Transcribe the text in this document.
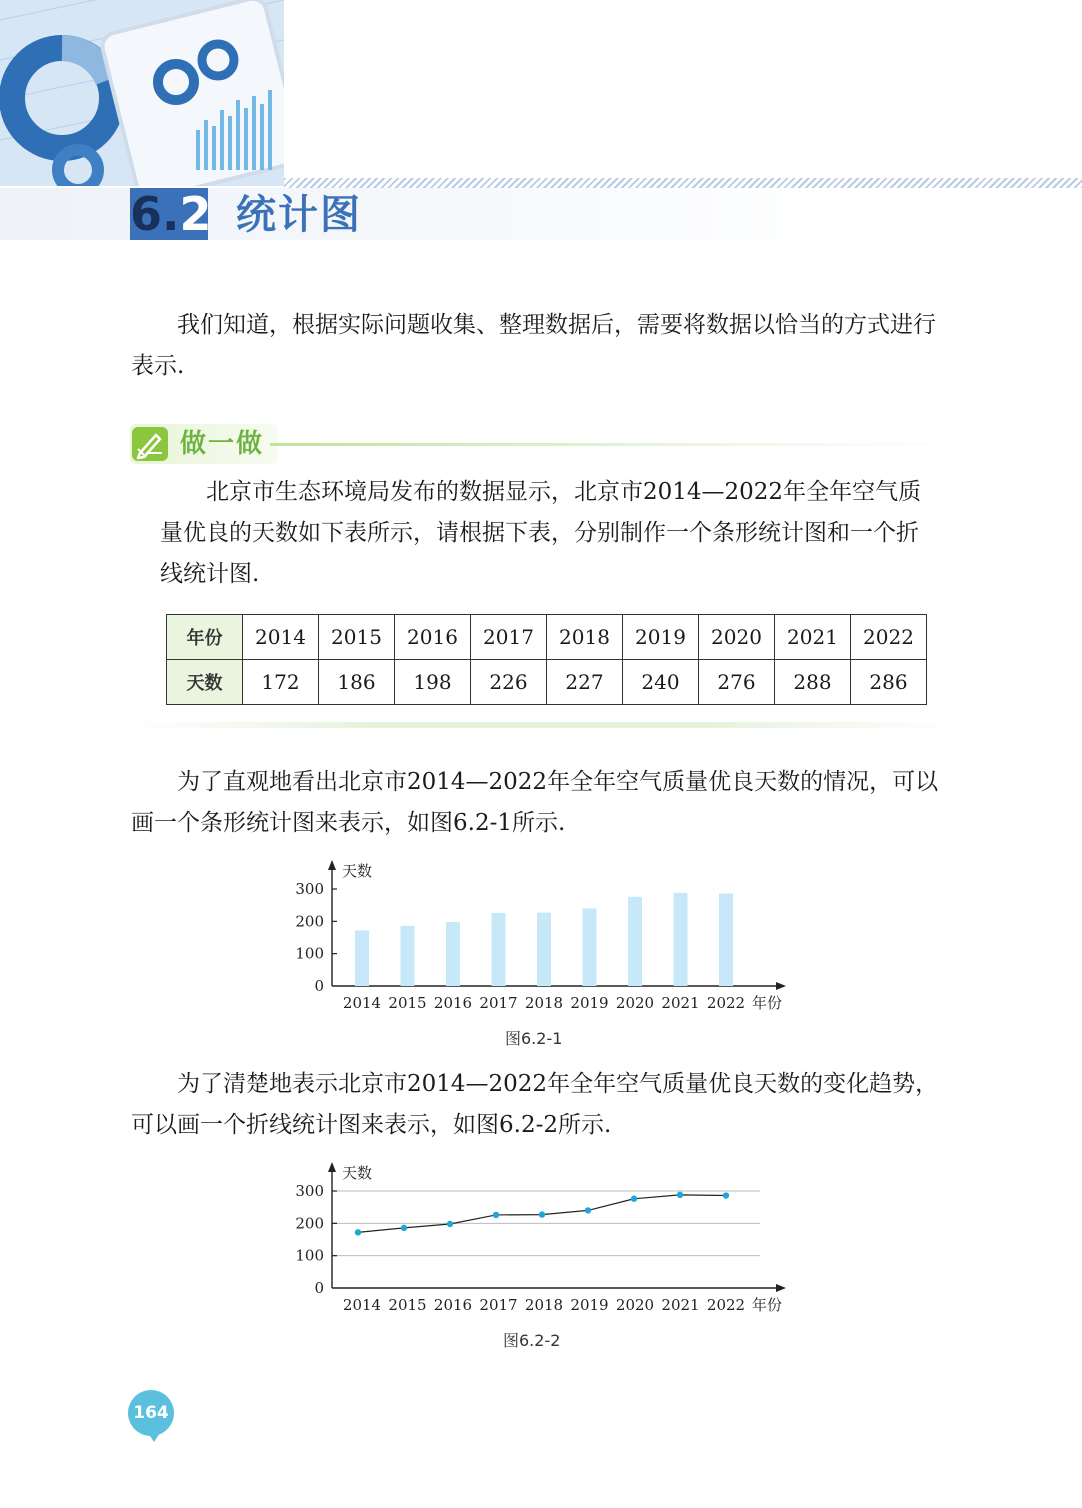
6.2 统计图

我们知道，根据实际问题收集、整理数据后，需要将数据以恰当的方式进行表示.

做一做

北京市生态环境局发布的数据显示，北京市2014—2022年全年空气质量优良的天数如下表所示，请根据下表，分别制作一个条形统计图和一个折线统计图.

年份	2014	2015	2016	2017	2018	2019	2020	2021	2022
天数	172	186	198	226	227	240	276	288	286

为了直观地看出北京市2014—2022年全年空气质量优良天数的情况，可以画一个条形统计图来表示，如图6.2-1所示.

0
100
200
300
天数
年份
2014 2015 2016 2017 2018 2019 2020 2021 2022
图6.2-1

为了清楚地表示北京市2014—2022年全年空气质量优良天数的变化趋势，可以画一个折线统计图来表示，如图6.2-2所示.

0
100
200
300
天数
年份
2014 2015 2016 2017 2018 2019 2020 2021 2022
图6.2-2
164
